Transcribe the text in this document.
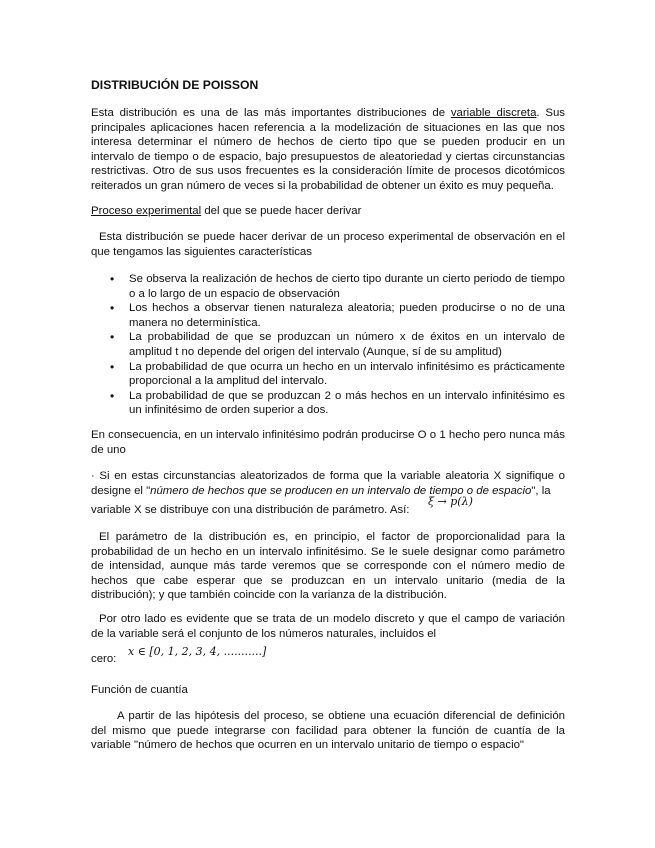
DISTRIBUCIÓN DE POISSON

Esta distribución es una de las más importantes distribuciones de variable discreta. Sus principales aplicaciones hacen referencia a la modelización de situaciones en las que nos interesa determinar el número de hechos de cierto tipo que se pueden producir en un intervalo de tiempo o de espacio, bajo presupuestos de aleatoriedad y ciertas circunstancias restrictivas. Otro de sus usos frecuentes es la consideración límite de procesos dicotómicos reiterados un gran número de veces si la probabilidad de obtener un éxito es muy pequeña.

Proceso experimental del que se puede hacer derivar

Esta distribución se puede hacer derivar de un proceso experimental de observación en el que tengamos las siguientes características

• Se observa la realización de hechos de cierto tipo durante un cierto periodo de tiempo o a lo largo de un espacio de observación
• Los hechos a observar tienen naturaleza aleatoria; pueden producirse o no de una manera no determinística.
• La probabilidad de que se produzcan un número x de éxitos en un intervalo de amplitud t no depende del origen del intervalo (Aunque, sí de su amplitud)
• La probabilidad de que ocurra un hecho en un intervalo infinitésimo es prácticamente proporcional a la amplitud del intervalo.
• La probabilidad de que se produzcan 2 o más hechos en un intervalo infinitésimo es un infinitésimo de orden superior a dos.

En consecuencia, en un intervalo infinitésimo podrán producirse O o 1 hecho pero nunca más de uno

· Si en estas circunstancias aleatorizados de forma que la variable aleatoria X signifique o designe el "número de hechos que se producen en un intervalo de tiempo o de espacio", la

variable X se distribuye con una distribución de parámetro. Así:

ξ → p(λ)

El parámetro de la distribución es, en principio, el factor de proporcionalidad para la probabilidad de un hecho en un intervalo infinitésimo. Se le suele designar como parámetro de intensidad, aunque más tarde veremos que se corresponde con el número medio de hechos que cabe esperar que se produzcan en un intervalo unitario (media de la distribución); y que también coincide con la varianza de la distribución.

Por otro lado es evidente que se trata de un modelo discreto y que el campo de variación de la variable será el conjunto de los números naturales, incluidos el

cero:

x ∈ [0, 1, 2, 3, 4, ...........]

Función de cuantía

A partir de las hipótesis del proceso, se obtiene una ecuación diferencial de definición del mismo que puede integrarse con facilidad para obtener la función de cuantía de la variable "número de hechos que ocurren en un intervalo unitario de tiempo o espacio"
